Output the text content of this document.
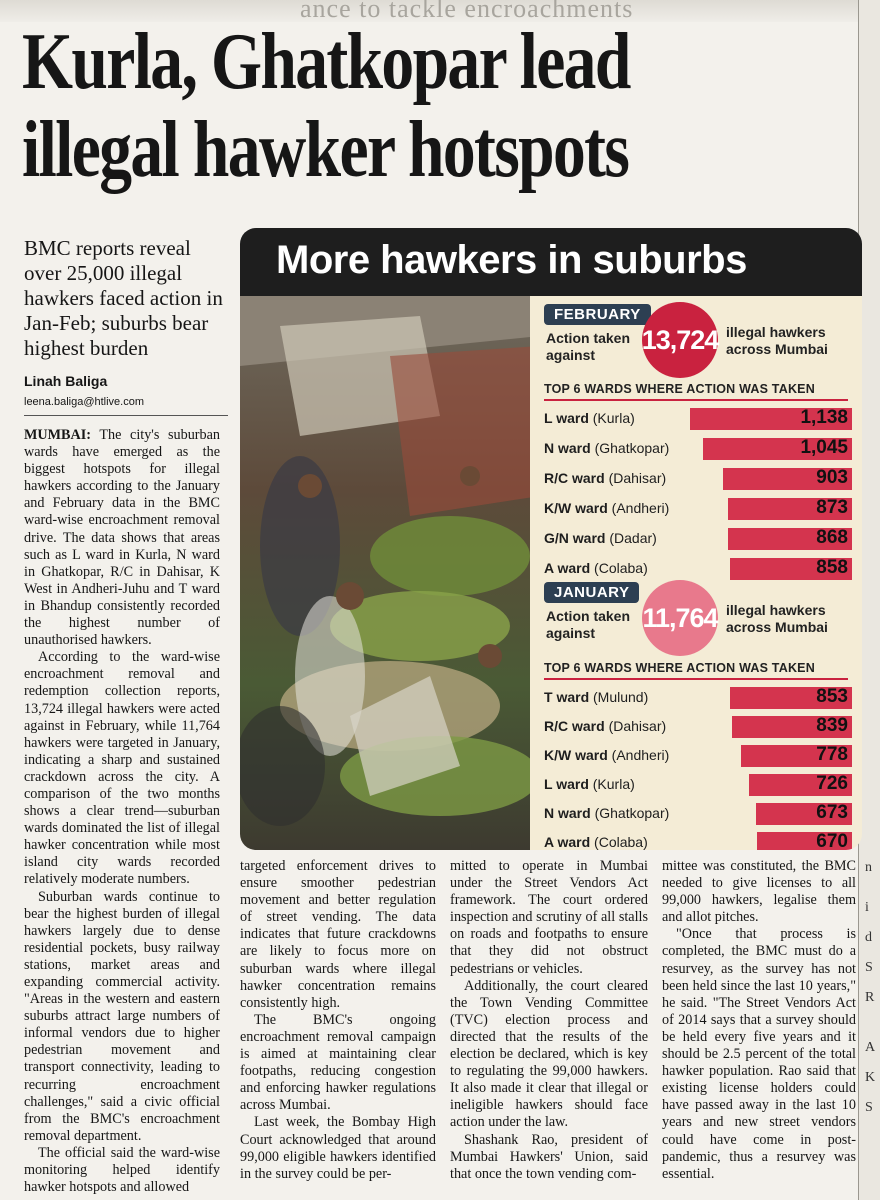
ance to tackle encroachments
Kurla, Ghatkopar lead illegal hawker hotspots

BMC reports reveal over 25,000 illegal hawkers faced action in Jan-Feb; suburbs bear highest burden

Linah Baliga
leena.baliga@htlive.com

MUMBAI: The city's suburban wards have emerged as the biggest hotspots for illegal hawkers according to the January and February data in the BMC ward-wise encroachment removal drive. The data shows that areas such as L ward in Kurla, N ward in Ghatkopar, R/C in Dahisar, K West in Andheri-Juhu and T ward in Bhandup consistently recorded the highest number of unauthorised hawkers.

According to the ward-wise encroachment removal and redemption collection reports, 13,724 illegal hawkers were acted against in February, while 11,764 hawkers were targeted in January, indicating a sharp and sustained crackdown across the city. A comparison of the two months shows a clear trend—suburban wards dominated the list of illegal hawker concentration while most island city wards recorded relatively moderate numbers.

Suburban wards continue to bear the highest burden of illegal hawkers largely due to dense residential pockets, busy railway stations, market areas and expanding commercial activity. "Areas in the western and eastern suburbs attract large numbers of informal vendors due to higher pedestrian movement and transport connectivity, leading to recurring encroachment challenges," said a civic official from the BMC's encroachment removal department.

The official said the ward-wise monitoring helped identify hawker hotspots and allowed

targeted enforcement drives to ensure smoother pedestrian movement and better regulation of street vending. The data indicates that future crackdowns are likely to focus more on suburban wards where illegal hawker concentration remains consistently high.

The BMC's ongoing encroachment removal campaign is aimed at maintaining clear footpaths, reducing congestion and enforcing hawker regulations across Mumbai.

Last week, the Bombay High Court acknowledged that around 99,000 eligible hawkers identified in the survey could be per-

mitted to operate in Mumbai under the Street Vendors Act framework. The court ordered inspection and scrutiny of all stalls on roads and footpaths to ensure that they did not obstruct pedestrians or vehicles.

Additionally, the court cleared the Town Vending Committee (TVC) election process and directed that the results of the election be declared, which is key to regulating the 99,000 hawkers. It also made it clear that illegal or ineligible hawkers should face action under the law.

Shashank Rao, president of Mumbai Hawkers' Union, said that once the town vending com-

mittee was constituted, the BMC needed to give licenses to all 99,000 hawkers, legalise them and allot pitches.

"Once that process is completed, the BMC must do a resurvey, as the survey has not been held since the last 10 years," he said. "The Street Vendors Act of 2014 says that a survey should be held every five years and it should be 2.5 percent of the total hawker population. Rao said that existing license holders could have passed away in the last 10 years and new street vendors could have come in post-pandemic, thus a resurvey was essential.

n
i
d
S
R
A
K
S
More hawkers in suburbs
FEBRUARY
Action taken against
13,724 illegal hawkers across Mumbai
TOP 6 WARDS WHERE ACTION WAS TAKEN
JANUARY
Action taken against
11,764 illegal hawkers across Mumbai
TOP 6 WARDS WHERE ACTION WAS TAKEN
1,138
L ward (Kurla)
1,045
N ward (Ghatkopar)
903
R/C ward (Dahisar)
873
K/W ward (Andheri)
868
G/N ward (Dadar)
858
A ward (Colaba)
853
T ward (Mulund)
839
R/C ward (Dahisar)
778
K/W ward (Andheri)
726
L ward (Kurla)
673
N ward (Ghatkopar)
670
A ward (Colaba)
